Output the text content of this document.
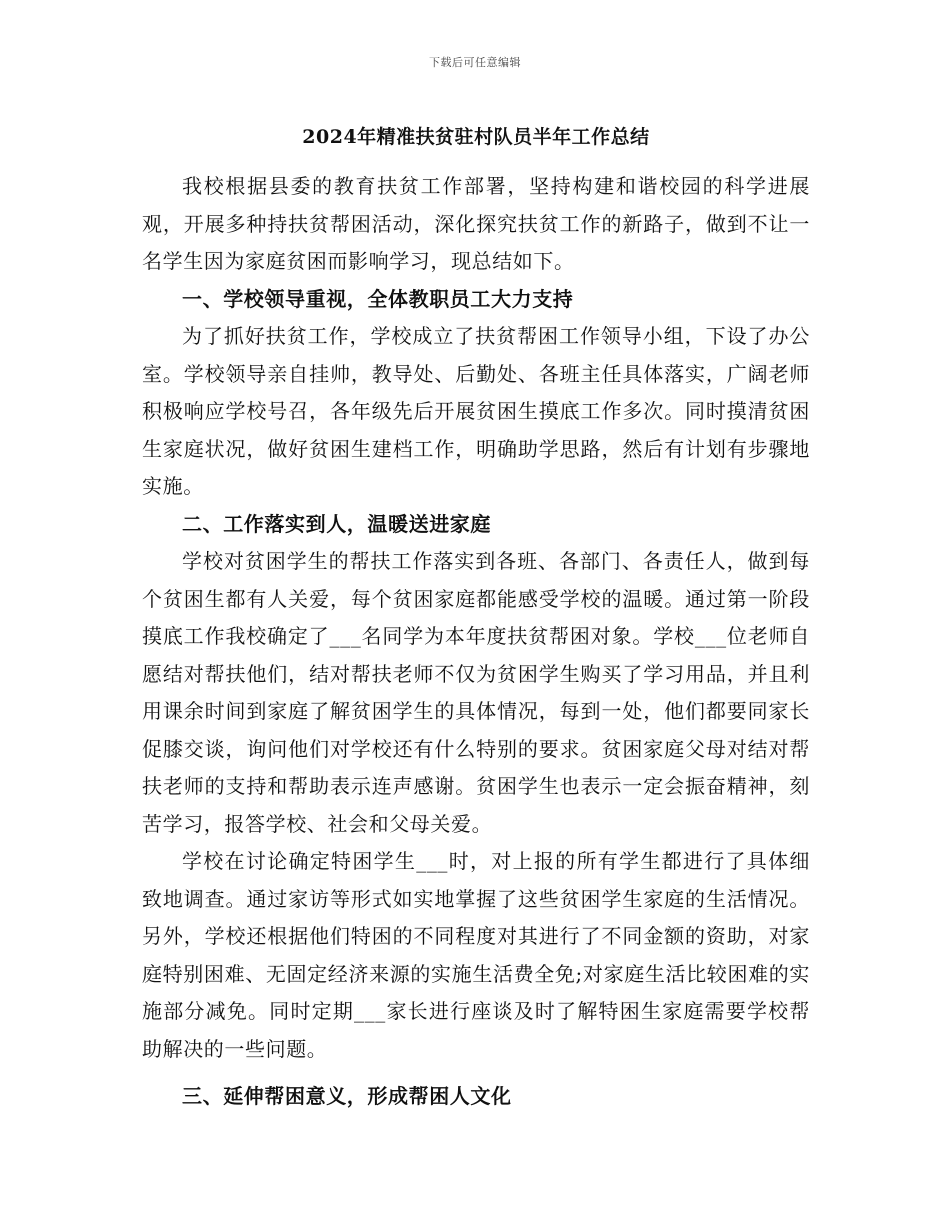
下载后可任意编辑
2024年精准扶贫驻村队员半年工作总结

我校根据县委的教育扶贫工作部署，坚持构建和谐校园的科学进展观，开展多种持扶贫帮困活动，深化探究扶贫工作的新路子，做到不让一名学生因为家庭贫困而影响学习，现总结如下。

一、学校领导重视，全体教职员工大力支持

为了抓好扶贫工作，学校成立了扶贫帮困工作领导小组，下设了办公室。学校领导亲自挂帅，教导处、后勤处、各班主任具体落实，广阔老师积极响应学校号召，各年级先后开展贫困生摸底工作多次。同时摸清贫困生家庭状况，做好贫困生建档工作，明确助学思路，然后有计划有步骤地实施。

二、工作落实到人，温暖送进家庭

学校对贫困学生的帮扶工作落实到各班、各部门、各责任人，做到每个贫困生都有人关爱，每个贫困家庭都能感受学校的温暖。通过第一阶段摸底工作我校确定了___名同学为本年度扶贫帮困对象。学校___位老师自愿结对帮扶他们，结对帮扶老师不仅为贫困学生购买了学习用品，并且利用课余时间到家庭了解贫困学生的具体情况，每到一处，他们都要同家长促膝交谈，询问他们对学校还有什么特别的要求。贫困家庭父母对结对帮扶老师的支持和帮助表示连声感谢。贫困学生也表示一定会振奋精神，刻苦学习，报答学校、社会和父母关爱。

学校在讨论确定特困学生___时，对上报的所有学生都进行了具体细致地调查。通过家访等形式如实地掌握了这些贫困学生家庭的生活情况。另外，学校还根据他们特困的不同程度对其进行了不同金额的资助，对家庭特别困难、无固定经济来源的实施生活费全免;对家庭生活比较困难的实施部分减免。同时定期___家长进行座谈及时了解特困生家庭需要学校帮助解决的一些问题。

三、延伸帮困意义，形成帮困人文化
